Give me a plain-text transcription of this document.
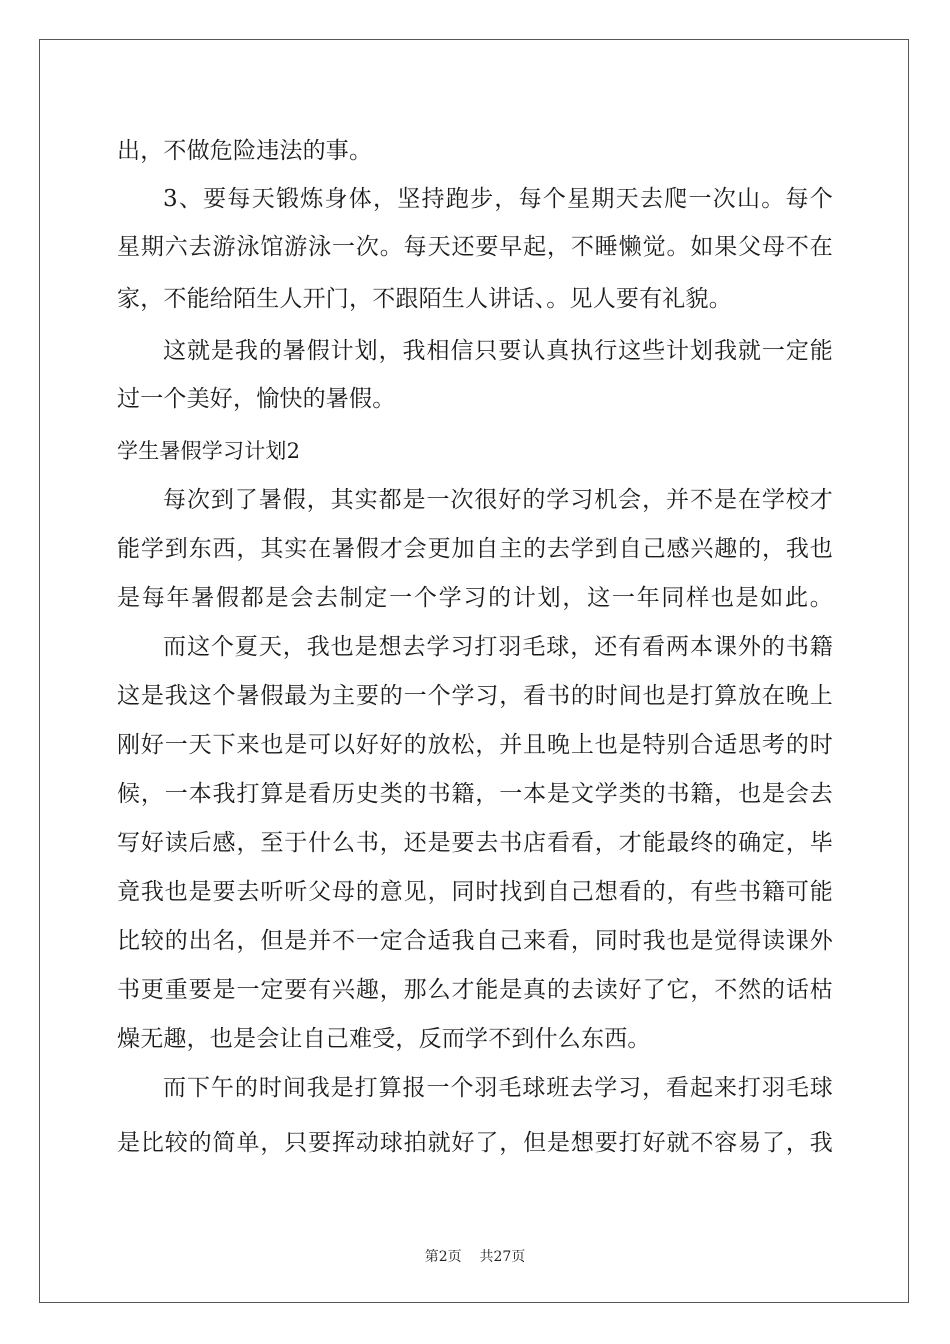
出，不做危险违法的事。
3、要每天锻炼身体，坚持跑步，每个星期天去爬一次山。每个
星期六去游泳馆游泳一次。每天还要早起，不睡懒觉。如果父母不在
家，不能给陌生人开门，不跟陌生人讲话、。见人要有礼貌。
这就是我的暑假计划，我相信只要认真执行这些计划我就一定能
过一个美好，愉快的暑假。
学生暑假学习计划2
每次到了暑假，其实都是一次很好的学习机会，并不是在学校才
能学到东西，其实在暑假才会更加自主的去学到自己感兴趣的，我也
是每年暑假都是会去制定一个学习的计划，这一年同样也是如此。
而这个夏天，我也是想去学习打羽毛球，还有看两本课外的书籍
这是我这个暑假最为主要的一个学习，看书的时间也是打算放在晚上
刚好一天下来也是可以好好的放松，并且晚上也是特别合适思考的时
候，一本我打算是看历史类的书籍，一本是文学类的书籍，也是会去
写好读后感，至于什么书，还是要去书店看看，才能最终的确定，毕
竟我也是要去听听父母的意见，同时找到自己想看的，有些书籍可能
比较的出名，但是并不一定合适我自己来看，同时我也是觉得读课外
书更重要是一定要有兴趣，那么才能是真的去读好了它，不然的话枯
燥无趣，也是会让自己难受，反而学不到什么东西。
而下午的时间我是打算报一个羽毛球班去学习，看起来打羽毛球
是比较的简单，只要挥动球拍就好了，但是想要打好就不容易了，我
第2页 共27页
